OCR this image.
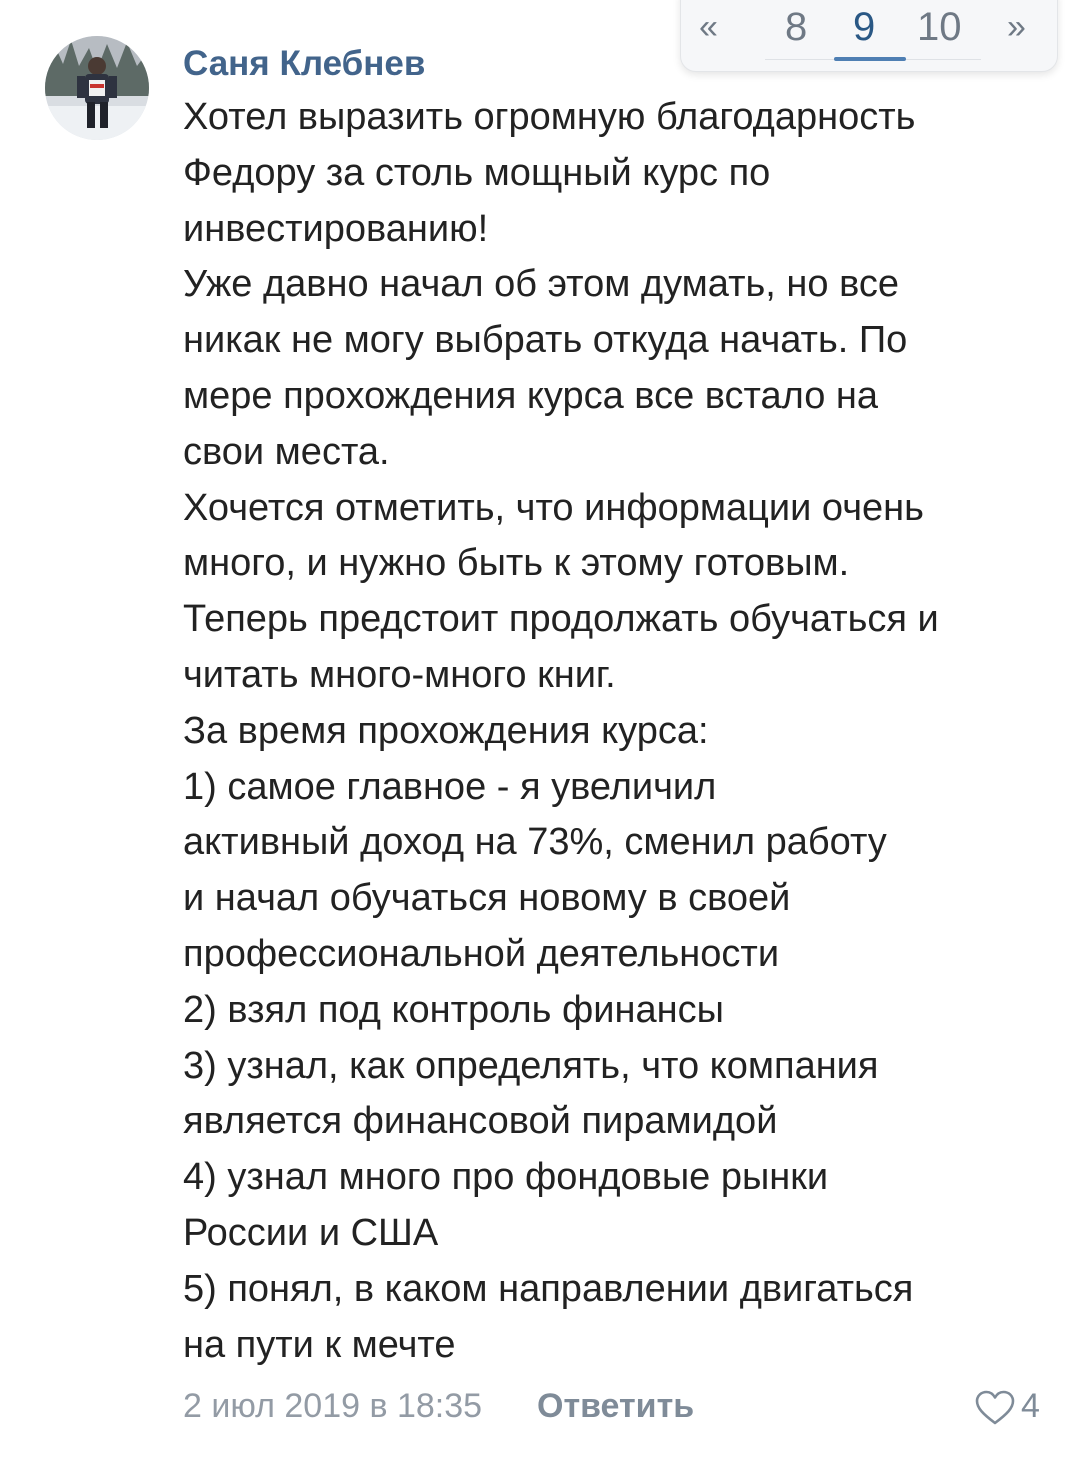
« 8 9 10 »
Саня Клебнев
Хотел выразить огромную благодарность
Федору за столь мощный курс по
инвестированию!
Уже давно начал об этом думать, но все
никак не могу выбрать откуда начать. По
мере прохождения курса все встало на
свои места.
Хочется отметить, что информации очень
много, и нужно быть к этому готовым.
Теперь предстоит продолжать обучаться и
читать много-много книг.
За время прохождения курса:
1) самое главное - я увеличил
активный доход на 73%, сменил работу
и начал обучаться новому в своей
профессиональной деятельности
2) взял под контроль финансы
3) узнал, как определять, что компания
является финансовой пирамидой
4) узнал много про фондовые рынки
России и США
5) понял, в каком направлении двигаться
на пути к мечте
2 июл 2019 в 18:35 Ответить	4
